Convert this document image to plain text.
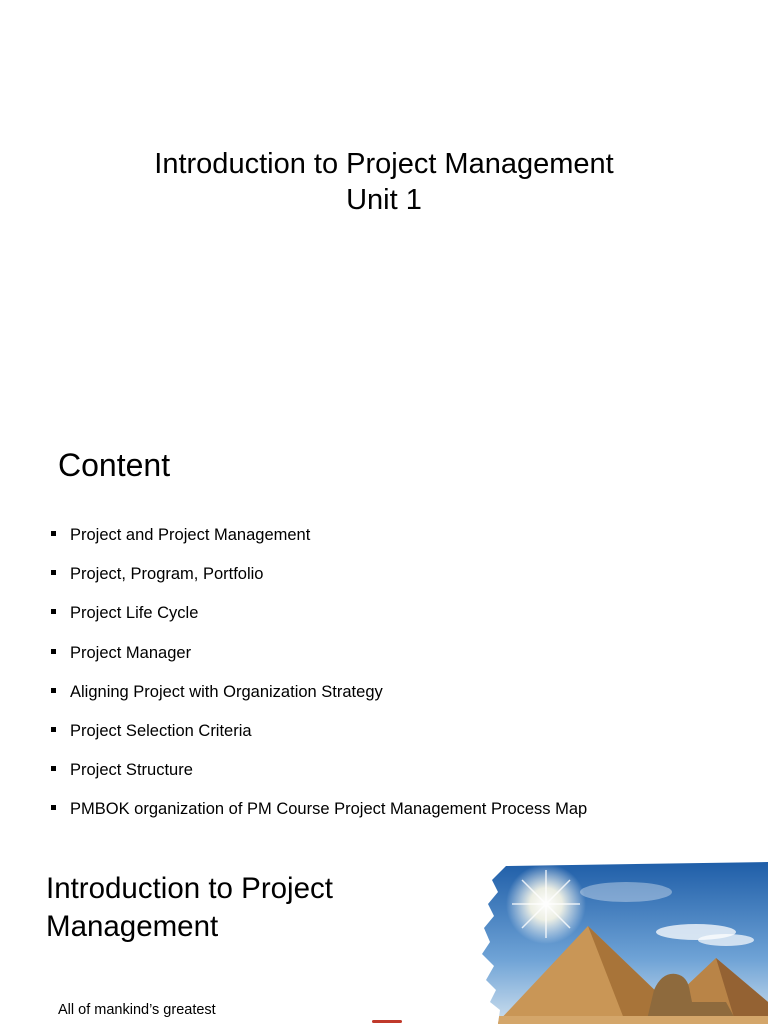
Introduction to Project Management
Unit 1
Content
Project and Project Management
Project, Program, Portfolio
Project Life Cycle
Project Manager
Aligning Project with Organization Strategy
Project Selection Criteria
Project Structure
PMBOK organization of PM Course Project Management Process Map
Introduction to Project Management
All of mankind’s greatest
